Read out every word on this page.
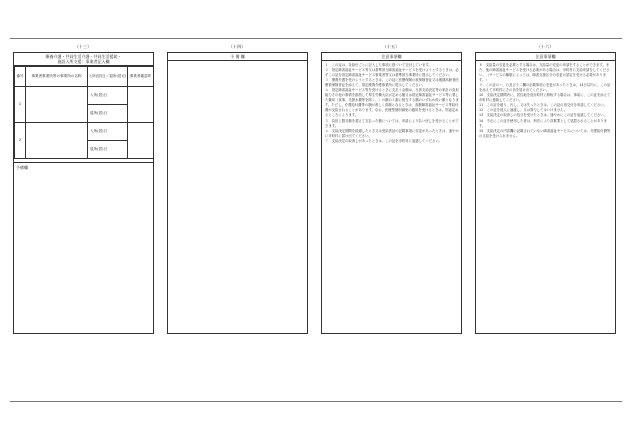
（十三）	（十四）	（十五）	（十六）
療養介護・共同生活介護・共同生活援助・
施設入所支援：事業者記入欄
番号	事業者事業所等の事業所の名称	入所(居)日／退所(居)日	事業者確認印
1		入所(居)日	
		退所(居)日	
2		入所(居)日	
		退所(居)日	
予備欄
予 備 欄	注意事項欄
１　この証は、各給付ごとに記入した事項に基づいて交付しています。
２　指定障害福祉サービス等又は基準該当障害福祉サービスを受けようとするときは、必ずこの証を指定障害福祉サービス事業者等又は基準該当事業所に提示してください。
３　療養介護を受けようとするときは、この証に医療保険の被保険者証又は後期高齢者医療被保険者証を添えて、指定療養介護事業所に提示してください。
４　指定障害福祉サービス等を受けるときに支払う金額は、当該支給決定等の家計の負担能力その他の事情を斟酌して厚生労働大臣が定める額又は指定障害福祉サービス等に要した費用（食事、光熱水費等を除く。）の額の１割に相当する額のいずれか低い額となります。ただし、介護給付費等の額が著しく高額となるときは、高額障害福祉サービス等給付費が支給されることがあります。なお、医療型個別減免の適用を受けるときは、別途定めるところによります。
５　負担上限月額を超えて支払った額については、申請により払い戻しを受けることができます。
６　支給決定期間を経過したとき又は受給者証の記載事項に変更があったときは、速やかに市町村に届け出てください。
７　支給決定の取消しがあったときは、この証を市町村に返還してください。
注意事項欄
８　支給量の変更を必要とする場合は、支給量の変更の申請をすることができます。また、他の障害福祉サービスを受ける必要がある場合は、市町村に支給申請をしてください。（サービスの種類によっては、障害支援区分の変更の認定を受ける必要があります。）
９　この証の一、六及び十二欄の記載事項に変更があったときは、14日以内に、この証を添えて市町村にその旨を届け出てください。
10　支給決定期間内に、居住地を他市町村に移転する場合は、事前に、この証を添えて市町村に連絡してください。
11　この証を破り、汚し、又は失ったときは、この証の再交付を申請してください。
12　この証を他人に譲渡し、又は貸与してはいけません。
13　支給決定の取消しの処分を受けたときは、速やかにこの証を返還してください。
14　不正にこの証を使用した者は、刑法により詐欺罪として処罰されることがあります。
15　支給決定の内容欄に記載されていない障害福祉サービスについては、介護給付費等の支給を受けられません。
